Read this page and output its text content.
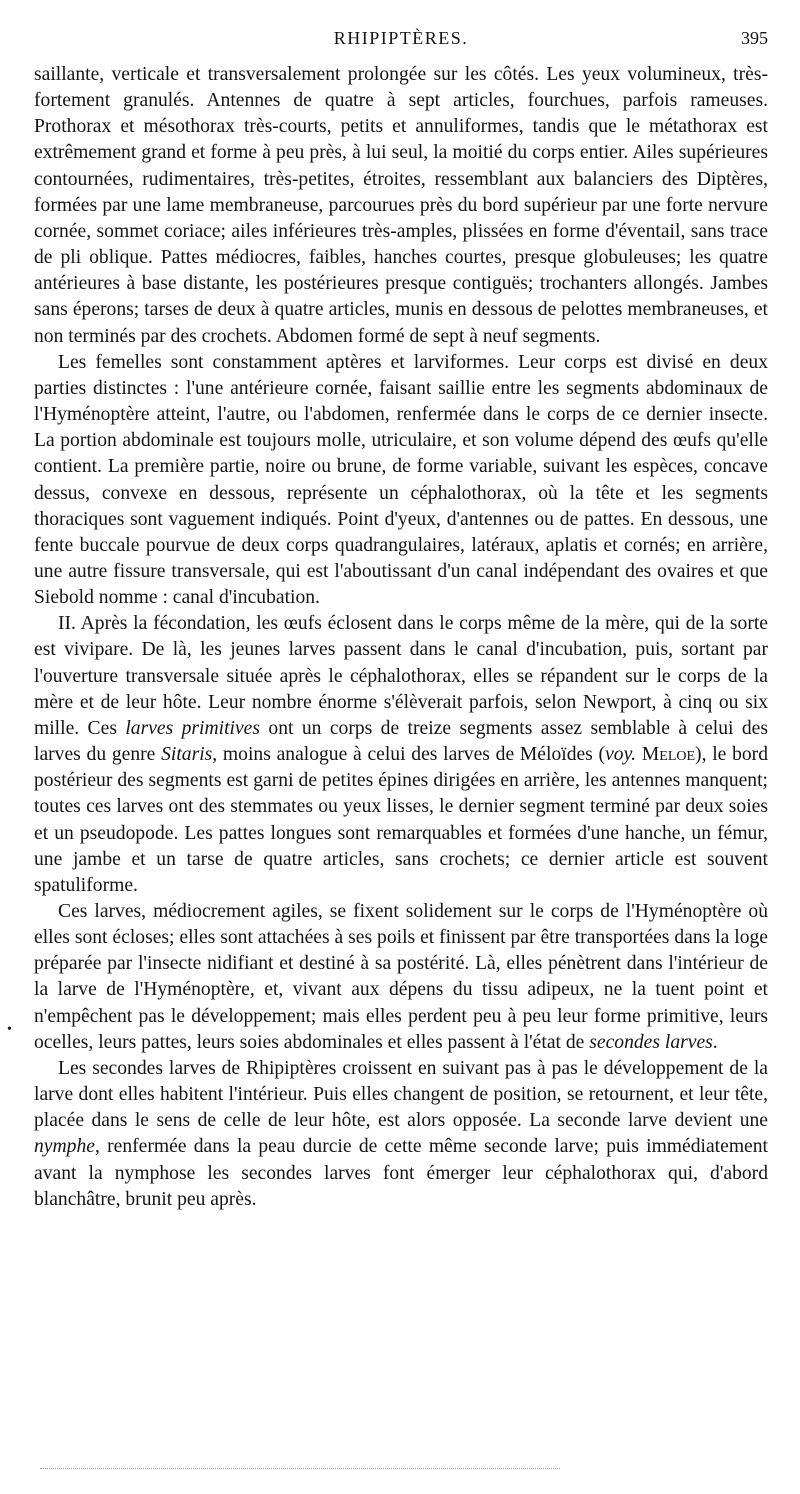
RHIPIPTÈRES.	395

saillante, verticale et transversalement prolongée sur les côtés. Les yeux volumineux, très-fortement granulés. Antennes de quatre à sept articles, fourchues, parfois rameuses. Prothorax et mésothorax très-courts, petits et annuliformes, tandis que le métathorax est extrêmement grand et forme à peu près, à lui seul, la moitié du corps entier. Ailes supérieures contournées, rudimentaires, très-petites, étroites, ressemblant aux balanciers des Diptères, formées par une lame membraneuse, parcourues près du bord supérieur par une forte nervure cornée, sommet coriace; ailes inférieures très-amples, plissées en forme d'éventail, sans trace de pli oblique. Pattes médiocres, faibles, hanches courtes, presque globuleuses; les quatre antérieures à base distante, les postérieures presque contiguës; trochanters allongés. Jambes sans éperons; tarses de deux à quatre articles, munis en dessous de pelottes membraneuses, et non terminés par des crochets. Abdomen formé de sept à neuf segments.

Les femelles sont constamment aptères et larviformes. Leur corps est divisé en deux parties distinctes : l'une antérieure cornée, faisant saillie entre les segments abdominaux de l'Hyménoptère atteint, l'autre, ou l'abdomen, renfermée dans le corps de ce dernier insecte. La portion abdominale est toujours molle, utriculaire, et son volume dépend des œufs qu'elle contient. La première partie, noire ou brune, de forme variable, suivant les espèces, concave dessus, convexe en dessous, représente un céphalothorax, où la tête et les segments thoraciques sont vaguement indiqués. Point d'yeux, d'antennes ou de pattes. En dessous, une fente buccale pourvue de deux corps quadrangulaires, latéraux, aplatis et cornés; en arrière, une autre fissure transversale, qui est l'aboutissant d'un canal indépendant des ovaires et que Siebold nomme : canal d'incubation.

II. Après la fécondation, les œufs éclosent dans le corps même de la mère, qui de la sorte est vivipare. De là, les jeunes larves passent dans le canal d'incubation, puis, sortant par l'ouverture transversale située après le céphalothorax, elles se répandent sur le corps de la mère et de leur hôte. Leur nombre énorme s'élèverait parfois, selon Newport, à cinq ou six mille. Ces larves primitives ont un corps de treize segments assez semblable à celui des larves du genre Sitaris, moins analogue à celui des larves de Méloïdes (voy. Meloe), le bord postérieur des segments est garni de petites épines dirigées en arrière, les antennes manquent; toutes ces larves ont des stemmates ou yeux lisses, le dernier segment terminé par deux soies et un pseudopode. Les pattes longues sont remarquables et formées d'une hanche, un fémur, une jambe et un tarse de quatre articles, sans crochets; ce dernier article est souvent spatuliforme.

Ces larves, médiocrement agiles, se fixent solidement sur le corps de l'Hyménoptère où elles sont écloses; elles sont attachées à ses poils et finissent par être transportées dans la loge préparée par l'insecte nidifiant et destiné à sa postérité. Là, elles pénètrent dans l'intérieur de la larve de l'Hyménoptère, et, vivant aux dépens du tissu adipeux, ne la tuent point et n'empêchent pas le développement; mais elles perdent peu à peu leur forme primitive, leurs ocelles, leurs pattes, leurs soies abdominales et elles passent à l'état de secondes larves.

Les secondes larves de Rhipiptères croissent en suivant pas à pas le développement de la larve dont elles habitent l'intérieur. Puis elles changent de position, se retournent, et leur tête, placée dans le sens de celle de leur hôte, est alors opposée. La seconde larve devient une nymphe, renfermée dans la peau durcie de cette même seconde larve; puis immédiatement avant la nymphose les secondes larves font émerger leur céphalothorax qui, d'abord blanchâtre, brunit peu après.

•
